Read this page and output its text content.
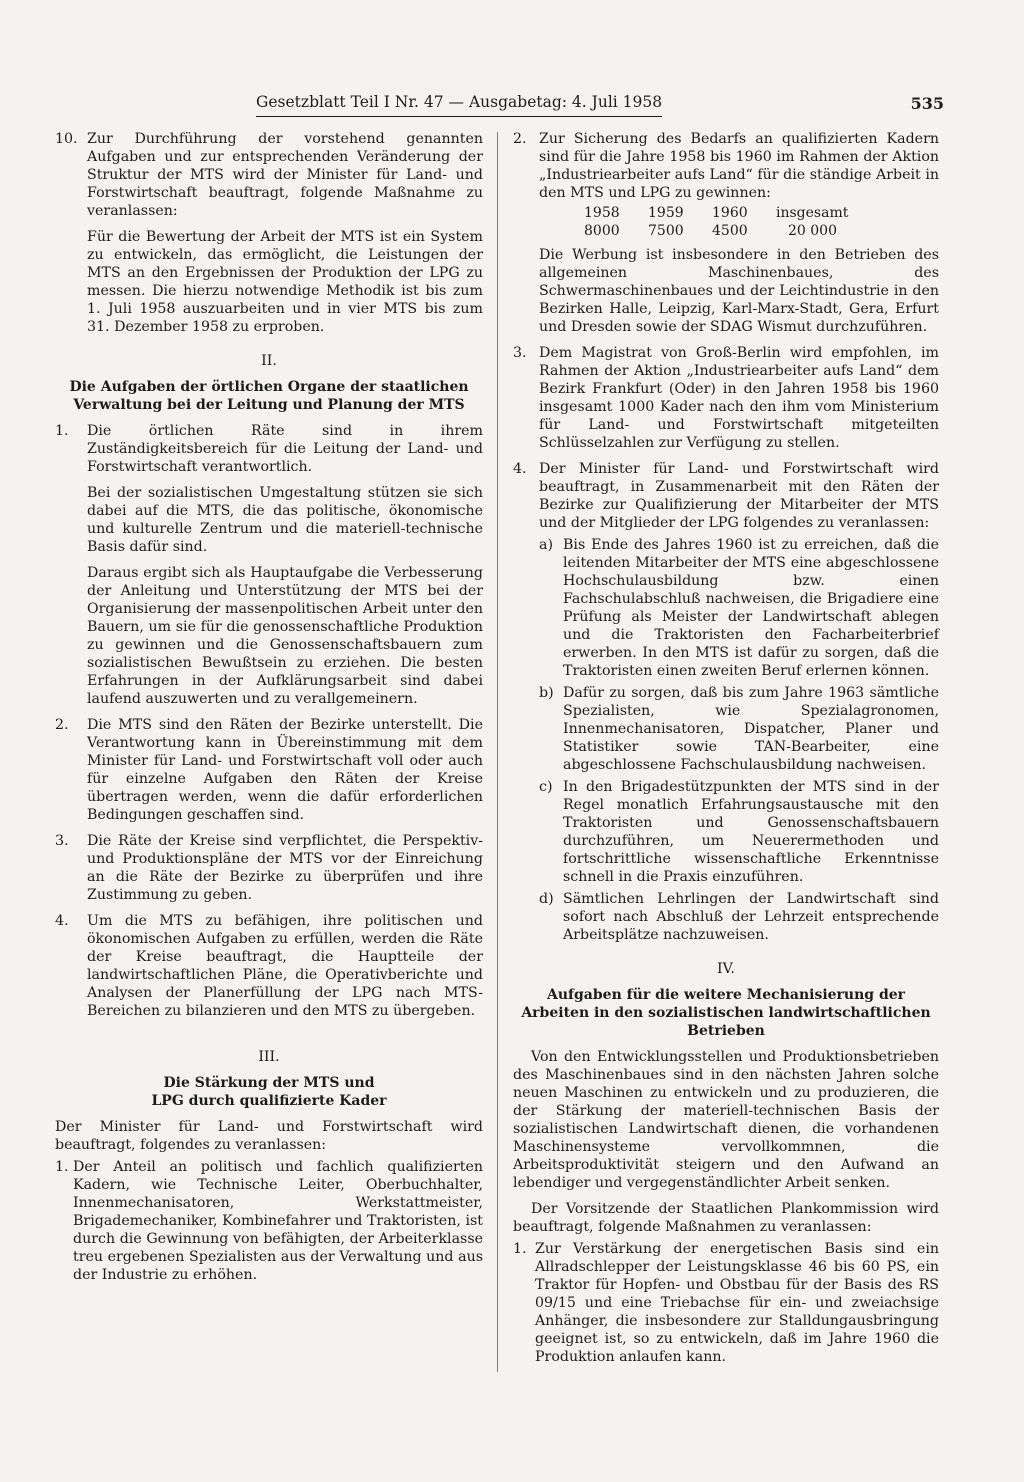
Gesetzblatt Teil I Nr. 47 — Ausgabetag: 4. Juli 1958	535
10. Zur Durchführung der vorstehend genannten Aufgaben und zur entsprechenden Veränderung der Struktur der MTS wird der Minister für Land- und Forstwirtschaft beauftragt, folgende Maßnahme zu veranlassen:

Für die Bewertung der Arbeit der MTS ist ein System zu entwickeln, das ermöglicht, die Leistungen der MTS an den Ergebnissen der Produktion der LPG zu messen. Die hierzu notwendige Methodik ist bis zum 1. Juli 1958 auszuarbeiten und in vier MTS bis zum 31. Dezember 1958 zu erproben.

II.
Die Aufgaben der örtlichen Organe der staatlichen Verwaltung bei der Leitung und Planung der MTS
1.	Die örtlichen Räte sind in ihrem Zuständigkeitsbereich für die Leitung der Land- und Forstwirtschaft verantwortlich.

Bei der sozialistischen Umgestaltung stützen sie sich dabei auf die MTS, die das politische, ökonomische und kulturelle Zentrum und die materiell-technische Basis dafür sind.

Daraus ergibt sich als Hauptaufgabe die Verbesserung der Anleitung und Unterstützung der MTS bei der Organisierung der massenpolitischen Arbeit unter den Bauern, um sie für die genossenschaftliche Produktion zu gewinnen und die Genossenschaftsbauern zum sozialistischen Bewußtsein zu erziehen. Die besten Erfahrungen in der Aufklärungsarbeit sind dabei laufend auszuwerten und zu verallgemeinern.

2.	Die MTS sind den Räten der Bezirke unterstellt. Die Verantwortung kann in Übereinstimmung mit dem Minister für Land- und Forstwirtschaft voll oder auch für einzelne Aufgaben den Räten der Kreise übertragen werden, wenn die dafür erforderlichen Bedingungen geschaffen sind.

3.	Die Räte der Kreise sind verpflichtet, die Perspektiv- und Produktionspläne der MTS vor der Einreichung an die Räte der Bezirke zu überprüfen und ihre Zustimmung zu geben.

4.	Um die MTS zu befähigen, ihre politischen und ökonomischen Aufgaben zu erfüllen, werden die Räte der Kreise beauftragt, die Hauptteile der landwirtschaftlichen Pläne, die Operativberichte und Analysen der Planerfüllung der LPG nach MTS-Bereichen zu bilanzieren und den MTS zu übergeben.

III.
Die Stärkung der MTS und LPG durch qualifizierte Kader

Der Minister für Land- und Forstwirtschaft wird beauftragt, folgendes zu veranlassen:

1. Der Anteil an politisch und fachlich qualifizierten Kadern, wie Technische Leiter, Oberbuchhalter, Innenmechanisatoren, Werkstattmeister, Brigademechaniker, Kombinefahrer und Traktoristen, ist durch die Gewinnung von befähigten, der Arbeiterklasse treu ergebenen Spezialisten aus der Verwaltung und aus der Industrie zu erhöhen.

2. Zur Sicherung des Bedarfs an qualifizierten Kadern sind für die Jahre 1958 bis 1960 im Rahmen der Aktion „Industriearbeiter aufs Land“ für die ständige Arbeit in den MTS und LPG zu gewinnen:

1958	1959	1960	insgesamt
8000	7500	4500	20 000

Die Werbung ist insbesondere in den Betrieben des allgemeinen Maschinenbaues, des Schwermaschinenbaues und der Leichtindustrie in den Bezirken Halle, Leipzig, Karl-Marx-Stadt, Gera, Erfurt und Dresden sowie der SDAG Wismut durchzuführen.

3. Dem Magistrat von Groß-Berlin wird empfohlen, im Rahmen der Aktion „Industriearbeiter aufs Land“ dem Bezirk Frankfurt (Oder) in den Jahren 1958 bis 1960 insgesamt 1000 Kader nach den ihm vom Ministerium für Land- und Forstwirtschaft mitgeteilten Schlüsselzahlen zur Verfügung zu stellen.

4. Der Minister für Land- und Forstwirtschaft wird beauftragt, in Zusammenarbeit mit den Räten der Bezirke zur Qualifizierung der Mitarbeiter der MTS und der Mitglieder der LPG folgendes zu veranlassen:

a) Bis Ende des Jahres 1960 ist zu erreichen, daß die leitenden Mitarbeiter der MTS eine abgeschlossene Hochschulausbildung bzw. einen Fachschulabschluß nachweisen, die Brigadiere eine Prüfung als Meister der Landwirtschaft ablegen und die Traktoristen den Facharbeiterbrief erwerben. In den MTS ist dafür zu sorgen, daß die Traktoristen einen zweiten Beruf erlernen können.

b) Dafür zu sorgen, daß bis zum Jahre 1963 sämtliche Spezialisten, wie Spezialagronomen, Innenmechanisatoren, Dispatcher, Planer und Statistiker sowie TAN-Bearbeiter, eine abgeschlossene Fachschulausbildung nachweisen.

c) In den Brigadestützpunkten der MTS sind in der Regel monatlich Erfahrungsaustausche mit den Traktoristen und Genossenschaftsbauern durchzuführen, um Neuerermethoden und fortschrittliche wissenschaftliche Erkenntnisse schnell in die Praxis einzuführen.

d) Sämtlichen Lehrlingen der Landwirtschaft sind sofort nach Abschluß der Lehrzeit entsprechende Arbeitsplätze nachzuweisen.

IV.
Aufgaben für die weitere Mechanisierung der Arbeiten in den sozialistischen landwirtschaftlichen Betrieben

Von den Entwicklungsstellen und Produktionsbetrieben des Maschinenbaues sind in den nächsten Jahren solche neuen Maschinen zu entwickeln und zu produzieren, die der Stärkung der materiell-technischen Basis der sozialistischen Landwirtschaft dienen, die vorhandenen Maschinensysteme vervollkommnen, die Arbeitsproduktivität steigern und den Aufwand an lebendiger und vergegenständlichter Arbeit senken.

Der Vorsitzende der Staatlichen Plankommission wird beauftragt, folgende Maßnahmen zu veranlassen:

1. Zur Verstärkung der energetischen Basis sind ein Allradschlepper der Leistungsklasse 46 bis 60 PS, ein Traktor für Hopfen- und Obstbau für der Basis des RS 09/15 und eine Triebachse für ein- und zweiachsige Anhänger, die insbesondere zur Stalldungausbringung geeignet ist, so zu entwickeln, daß im Jahre 1960 die Produktion anlaufen kann.
